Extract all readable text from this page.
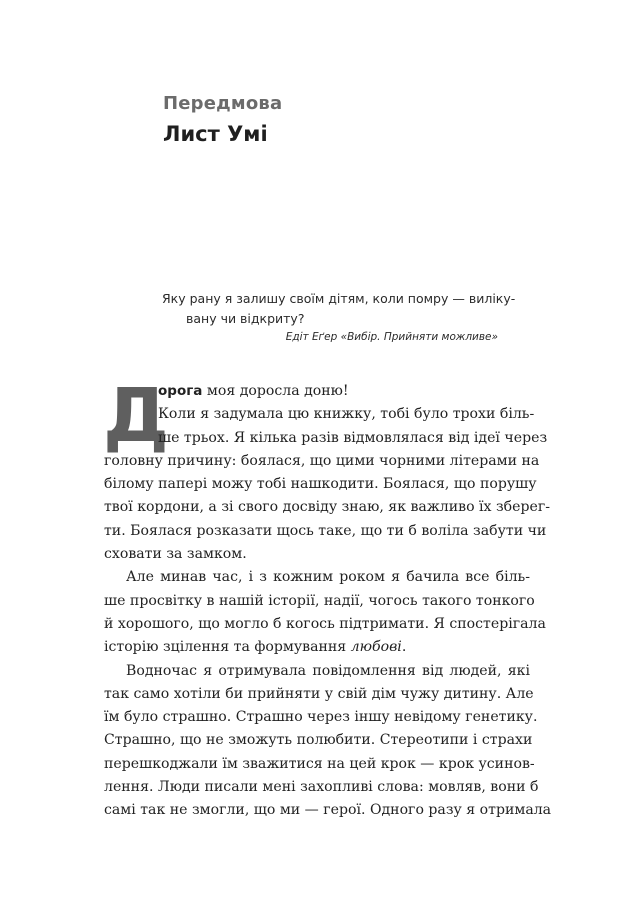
Передмова
Лист Умі

Яку рану я залишу своїм дітям, коли помру — виліку-
вану чи відкриту?

Едіт Еґер «Вибір. Прийняти можливе»

Д
орога моя доросла доню!
Коли я задумала цю книжку, тобі було трохи біль-
ше трьох. Я кілька разів відмовлялася від ідеї через
головну причину: боялася, що цими чорними літерами на
білому папері можу тобі нашкодити. Боялася, що порушу
твої кордони, а зі свого досвіду знаю, як важливо їх зберег-
ти. Боялася розказати щось таке, що ти б воліла забути чи
сховати за замком.
Але минав час, і з кожним роком я бачила все біль-
ше просвітку в нашій історії, надії, чогось такого тонкого
й хорошого, що могло б когось підтримати. Я спостерігала
історію зцілення та формування любові.
Водночас я отримувала повідомлення від людей, які
так само хотіли би прийняти у свій дім чужу дитину. Але
їм було страшно. Страшно через іншу невідому генетику.
Страшно, що не зможуть полюбити. Стереотипи і страхи
перешкоджали їм зважитися на цей крок — крок усинов-
лення. Люди писали мені захопливі слова: мовляв, вони б
самі так не змогли, що ми — герої. Одного разу я отримала
